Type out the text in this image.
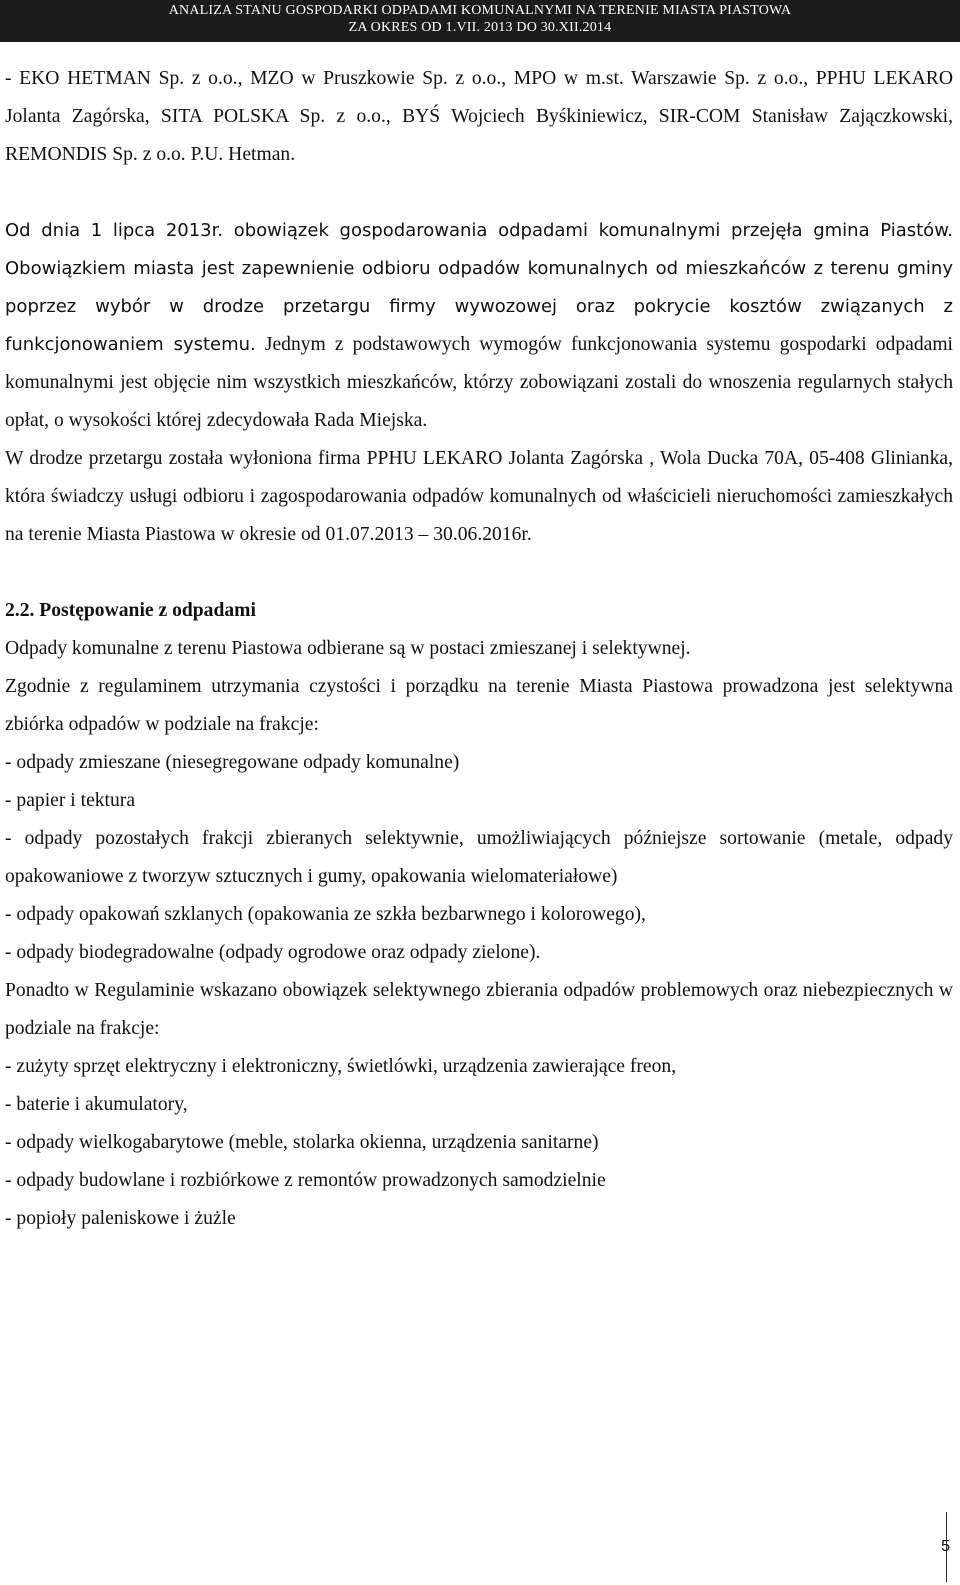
ANALIZA STANU GOSPODARKI ODPADAMI KOMUNALNYMI NA TERENIE MIASTA PIASTOWA
ZA OKRES OD 1.VII. 2013 DO 30.XII.2014

- EKO HETMAN Sp. z o.o., MZO w Pruszkowie Sp. z o.o., MPO w m.st. Warszawie Sp. z o.o., PPHU LEKARO Jolanta Zagórska, SITA POLSKA Sp. z o.o., BYŚ Wojciech Byśkiniewicz, SIR-COM Stanisław Zajączkowski, REMONDIS Sp. z o.o. P.U. Hetman.

Od dnia 1 lipca 2013r. obowiązek gospodarowania odpadami komunalnymi przejęła gmina Piastów. Obowiązkiem miasta jest zapewnienie odbioru odpadów komunalnych od mieszkańców z terenu gminy poprzez wybór w drodze przetargu firmy wywozowej oraz pokrycie kosztów związanych z funkcjonowaniem systemu. Jednym z podstawowych wymogów funkcjonowania systemu gospodarki odpadami komunalnymi jest objęcie nim wszystkich mieszkańców, którzy zobowiązani zostali do wnoszenia regularnych stałych opłat, o wysokości której zdecydowała Rada Miejska.

W drodze przetargu została wyłoniona firma PPHU LEKARO Jolanta Zagórska , Wola Ducka 70A, 05-408 Glinianka, która świadczy usługi odbioru i zagospodarowania odpadów komunalnych od właścicieli nieruchomości zamieszkałych na terenie Miasta Piastowa w okresie od 01.07.2013 – 30.06.2016r.

2.2. Postępowanie z odpadami

Odpady komunalne z terenu Piastowa odbierane są w postaci zmieszanej i selektywnej.

Zgodnie z regulaminem utrzymania czystości i porządku na terenie Miasta Piastowa prowadzona jest selektywna zbiórka odpadów w podziale na frakcje:

- odpady zmieszane (niesegregowane odpady komunalne)
- papier i tektura
- odpady pozostałych frakcji zbieranych selektywnie, umożliwiających późniejsze sortowanie (metale, odpady opakowaniowe z tworzyw sztucznych i gumy, opakowania wielomateriałowe)
- odpady opakowań szklanych (opakowania ze szkła bezbarwnego i kolorowego),
- odpady biodegradowalne (odpady ogrodowe oraz odpady zielone).

Ponadto w Regulaminie wskazano obowiązek selektywnego zbierania odpadów problemowych oraz niebezpiecznych w podziale na frakcje:

- zużyty sprzęt elektryczny i elektroniczny, świetlówki, urządzenia zawierające freon,
- baterie i akumulatory,
- odpady wielkogabarytowe (meble, stolarka okienna, urządzenia sanitarne)
- odpady budowlane i rozbiórkowe z remontów prowadzonych samodzielnie
- popioły paleniskowe i żużle
5
